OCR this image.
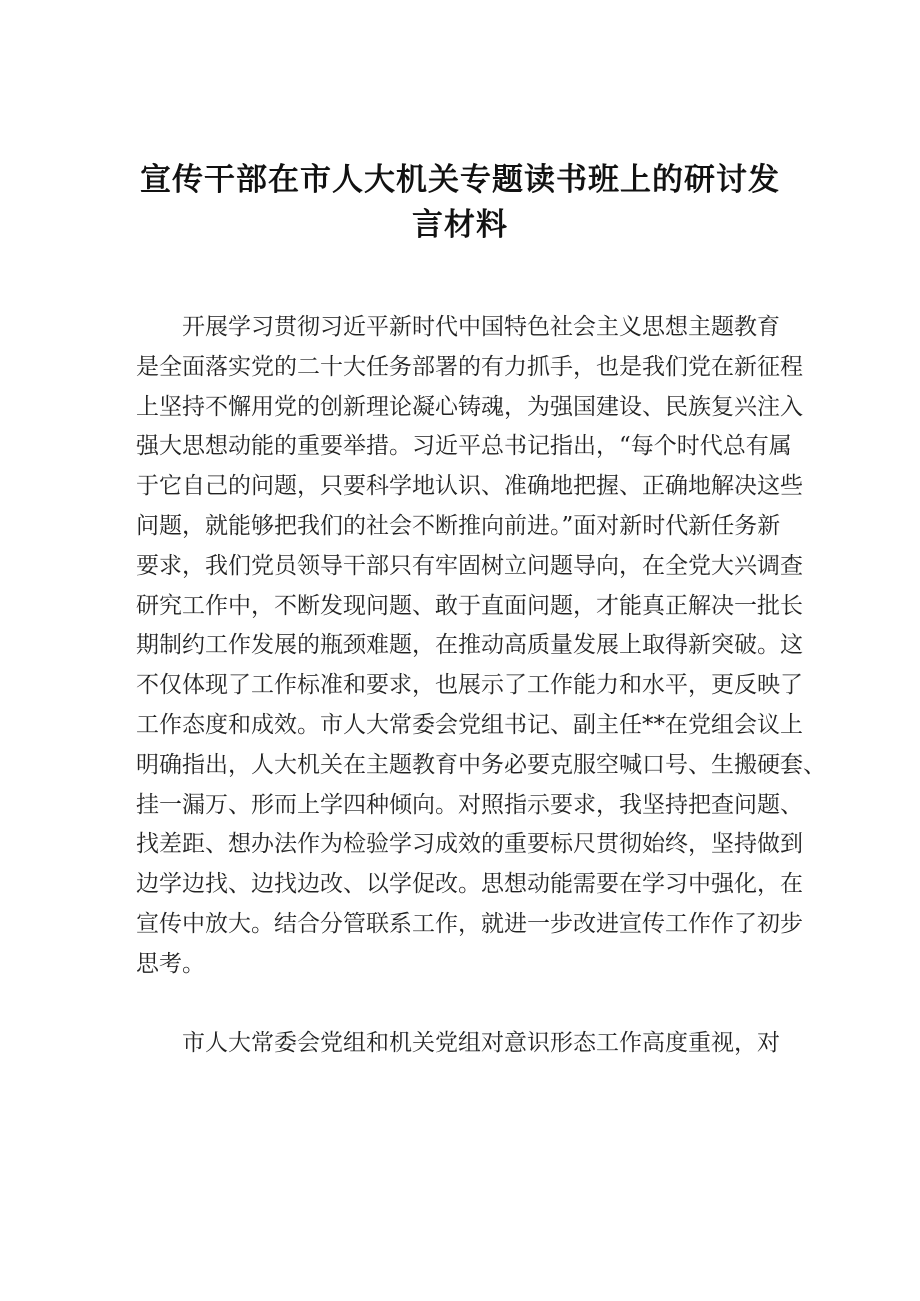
宣传干部在市人大机关专题读书班上的研讨发
言材料
开展学习贯彻习近平新时代中国特色社会主义思想主题教育
是全面落实党的二十大任务部署的有力抓手，也是我们党在新征程
上坚持不懈用党的创新理论凝心铸魂，为强国建设、民族复兴注入
强大思想动能的重要举措。习近平总书记指出，“每个时代总有属
于它自己的问题，只要科学地认识、准确地把握、正确地解决这些
问题，就能够把我们的社会不断推向前进。”面对新时代新任务新
要求，我们党员领导干部只有牢固树立问题导向，在全党大兴调查
研究工作中，不断发现问题、敢于直面问题，才能真正解决一批长
期制约工作发展的瓶颈难题，在推动高质量发展上取得新突破。这
不仅体现了工作标准和要求，也展示了工作能力和水平，更反映了
工作态度和成效。市人大常委会党组书记、副主任**在党组会议上
明确指出，人大机关在主题教育中务必要克服空喊口号、生搬硬套、
挂一漏万、形而上学四种倾向。对照指示要求，我坚持把查问题、
找差距、想办法作为检验学习成效的重要标尺贯彻始终，坚持做到
边学边找、边找边改、以学促改。思想动能需要在学习中强化，在
宣传中放大。结合分管联系工作，就进一步改进宣传工作作了初步
思考。
市人大常委会党组和机关党组对意识形态工作高度重视，对
